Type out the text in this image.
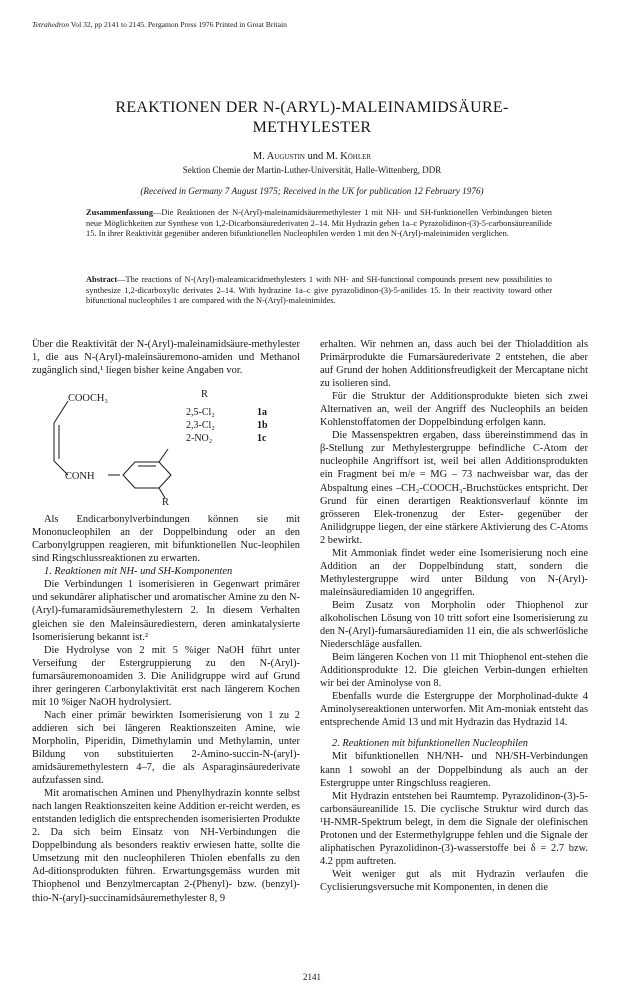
Tetrahedron Vol 32, pp 2141 to 2145. Pergamon Press 1976 Printed in Great Britain
REAKTIONEN DER N-(ARYL)-MALEINAMIDSÄURE-
METHYLESTER
M. Augustin und M. Köhler
Sektion Chemie der Martin-Luther-Universität, Halle-Wittenberg, DDR
(Received in Germany 7 August 1975; Received in the UK for publication 12 February 1976)
Zusammenfassung—Die Reaktionen der N-(Aryl)-maleinamidsäuremethylester 1 mit NH- und SH-funktionellen Verbindungen bieten neue Möglichkeiten zur Synthese von 1,2-Dicarbonsäurederivaten 2–14. Mit Hydrazin geben 1a–c Pyrazolidinon-(3)-5-carbonsäureanilide 15. In ihrer Reaktivität gegenüber anderen bifunktionellen Nucleophilen werden 1 mit den N-(Aryl)-maleinimiden verglichen.
Abstract—The reactions of N-(Aryl)-maleamicacidmethylesters 1 with NH- and SH-functional compounds present new possibilities to synthesize 1,2-dicarboxylic derivates 2–14. With hydrazine 1a–c give pyrazolidinon-(3)-5-anilides 15. In their reactivity toward other bifunctional nucleophiles 1 are compared with the N-(Aryl)-maleinimides.

Über die Reaktivität der N-(Aryl)-maleinamidsäure-methylester 1, die aus N-(Aryl)-maleinsäuremono-amiden und Methanol zugänglich sind,¹ liegen bisher keine Angaben vor.

COOCH₃
CONH
R
2,5-Cl₂	1a
2,3-Cl₂	1b
2-NO₂	1c
R

Als Endicarbonylverbindungen können sie mit Mononucleophilen an der Doppelbindung oder an den Carbonylgruppen reagieren, mit bifunktionellen Nuc-leophilen sind Ringschlussreaktionen zu erwarten.

1. Reaktionen mit NH- und SH-Komponenten

Die Verbindungen 1 isomerisieren in Gegenwart primärer und sekundärer aliphatischer und aromatischer Amine zu den N-(Aryl)-fumaramidsäuremethylestern 2. In diesem Verhalten gleichen sie den Maleinsäurediestern, deren aminkatalysierte Isomerisierung bekannt ist.²

Die Hydrolyse von 2 mit 5 %iger NaOH führt unter Verseifung der Estergruppierung zu den N-(Aryl)-fumarsäuremonoamiden 3. Die Anilidgruppe wird auf Grund ihrer geringeren Carbonylaktivität erst nach längerem Kochen mit 10 %iger NaOH hydrolysiert.

Nach einer primär bewirkten Isomerisierung von 1 zu 2 addieren sich bei längeren Reaktionszeiten Amine, wie Morpholin, Piperidin, Dimethylamin und Methylamin, unter Bildung von substituierten 2-Amino-succin-N-(aryl)-amidsäuremethylestern 4–7, die als Asparaginsäurederivate aufzufassen sind.

Mit aromatischen Aminen und Phenylhydrazin konnte selbst nach langen Reaktionszeiten keine Addition er-reicht werden, es entstanden lediglich die entsprechenden isomerisierten Produkte 2. Da sich beim Einsatz von NH-Verbindungen die Doppelbindung als besonders reaktiv erwiesen hatte, sollte die Umsetzung mit den nucleophileren Thiolen ebenfalls zu den Ad-ditionsprodukten führen. Erwartungsgemäss wurden mit Thiophenol und Benzylmercaptan 2-(Phenyl)- bzw. (benzyl)-thio-N-(aryl)-succinamidsäuremethylester 8, 9

erhalten. Wir nehmen an, dass auch bei der Thioladdition als Primärprodukte die Fumarsäurederivate 2 entstehen, die aber auf Grund der hohen Additionsfreudigkeit der Mercaptane nicht zu isolieren sind.

Für die Struktur der Additionsprodukte bieten sich zwei Alternativen an, weil der Angriff des Nucleophils an beiden Kohlenstoffatomen der Doppelbindung erfolgen kann.

Die Massenspektren ergaben, dass übereinstimmend das in β-Stellung zur Methylestergruppe befindliche C-Atom der nucleophile Angriffsort ist, weil bei allen Additionsprodukten ein Fragment bei m/e = MG – 73 nachweisbar war, das der Abspaltung eines –CH₂-COOCH₃-Bruchstückes entspricht. Der Grund für einen derartigen Reaktionsverlauf könnte im grösseren Elek-tronenzug der Ester- gegenüber der Anilidgruppe liegen, der eine stärkere Aktivierung des C-Atoms 2 bewirkt.

Mit Ammoniak findet weder eine Isomerisierung noch eine Addition an der Doppelbindung statt, sondern die Methylestergruppe wird unter Bildung von N-(Aryl)-maleinsäurediamiden 10 angegriffen.

Beim Zusatz von Morpholin oder Thiophenol zur alkoholischen Lösung von 10 tritt sofort eine Isomerisierung zu den N-(Aryl)-fumarsäurediamiden 11 ein, die als schwerlösliche Niederschläge ausfallen.

Beim längeren Kochen von 11 mit Thiophenol ent-stehen die Additionsprodukte 12. Die gleichen Verbin-dungen erhielten wir bei der Aminolyse von 8.

Ebenfalls wurde die Estergruppe der Morpholinad-dukte 4 Aminolysereaktionen unterworfen. Mit Am-moniak entsteht das entsprechende Amid 13 und mit Hydrazin das Hydrazid 14.

2. Reaktionen mit bifunktionellen Nucleophilen

Mit bifunktionellen NH/NH- und NH/SH-Verbindungen kann 1 sowohl an der Doppelbindung als auch an der Estergruppe unter Ringschluss reagieren.

Mit Hydrazin entstehen bei Raumtemp. Pyrazolidinon-(3)-5-carbonsäureanilide 15. Die cyclische Struktur wird durch das ¹H-NMR-Spektrum belegt, in dem die Signale der olefinischen Protonen und der Estermethylgruppe fehlen und die Signale der aliphatischen Pyrazolidinon-(3)-wasserstoffe bei δ = 2.7 bzw. 4.2 ppm auftreten.

Weit weniger gut als mit Hydrazin verlaufen die Cyclisierungsversuche mit Komponenten, in denen die

2141
